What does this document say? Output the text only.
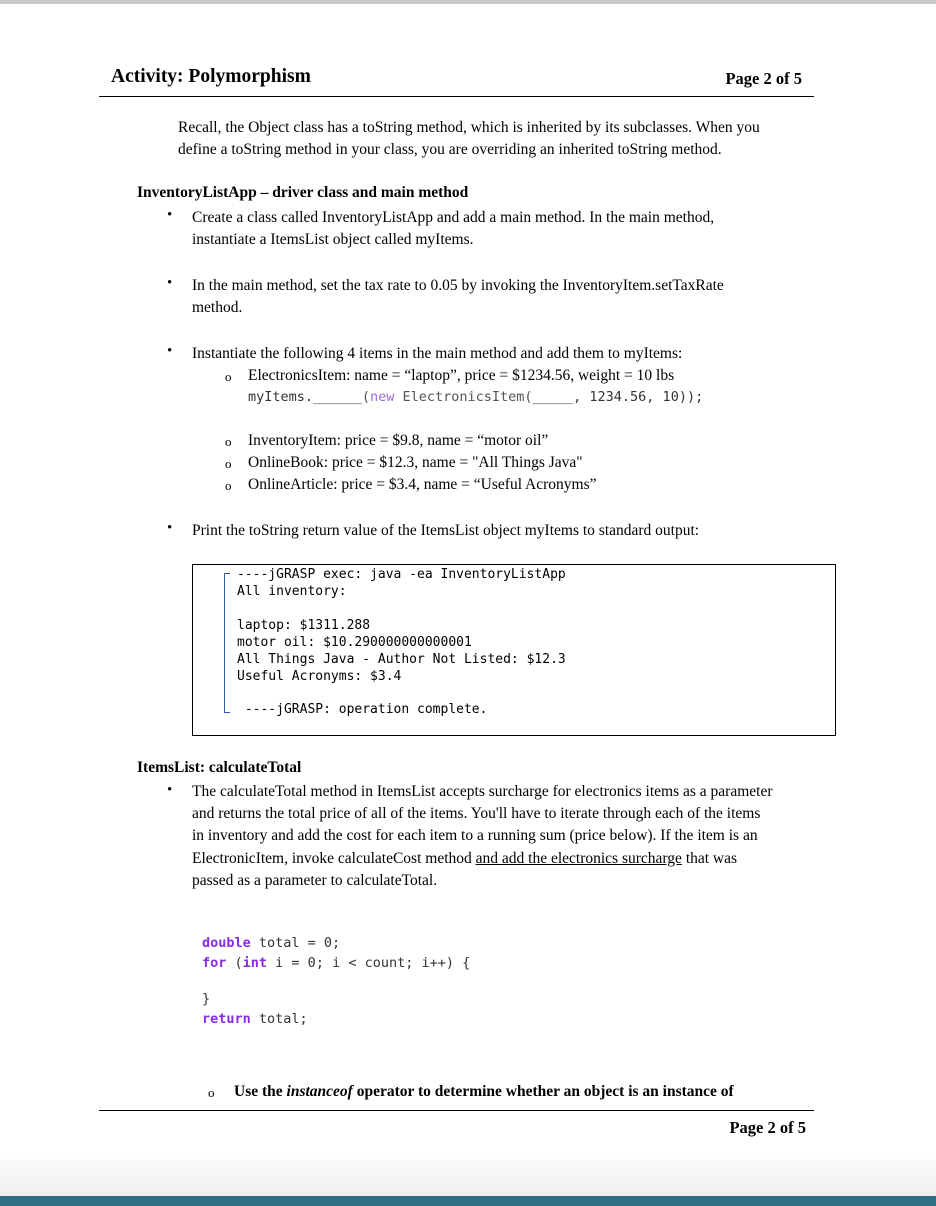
Activity: Polymorphism	Page 2 of 5
Recall, the Object class has a toString method, which is inherited by its subclasses. When you
define a toString method in your class, you are overriding an inherited toString method.
InventoryListApp – driver class and main method
• Create a class called InventoryListApp and add a main method. In the main method,
instantiate a ItemsList object called myItems.
• In the main method, set the tax rate to 0.05 by invoking the InventoryItem.setTaxRate
method.
• Instantiate the following 4 items in the main method and add them to myItems:
o ElectronicsItem: name = “laptop”, price = $1234.56, weight = 10 lbs
myItems.______(new ElectronicsItem(_____, 1234.56, 10));
o InventoryItem: price = $9.8, name = “motor oil”
o OnlineBook: price = $12.3, name = "All Things Java"
o OnlineArticle: price = $3.4, name = “Useful Acronyms”
• Print the toString return value of the ItemsList object myItems to standard output:
----jGRASP exec: java -ea InventoryListApp
All inventory:
laptop: $1311.288
motor oil: $10.290000000000001
All Things Java - Author Not Listed: $12.3
Useful Acronyms: $3.4
----jGRASP: operation complete.
ItemsList: calculateTotal
• The calculateTotal method in ItemsList accepts surcharge for electronics items as a parameter
and returns the total price of all of the items. You'll have to iterate through each of the items
in inventory and add the cost for each item to a running sum (price below). If the item is an
ElectronicItem, invoke calculateCost method and add the electronics surcharge that was
passed as a parameter to calculateTotal.
double total = 0;
for (int i = 0; i < count; i++) {
}
return total;
o Use the instanceof operator to determine whether an object is an instance of
Page 2 of 5
